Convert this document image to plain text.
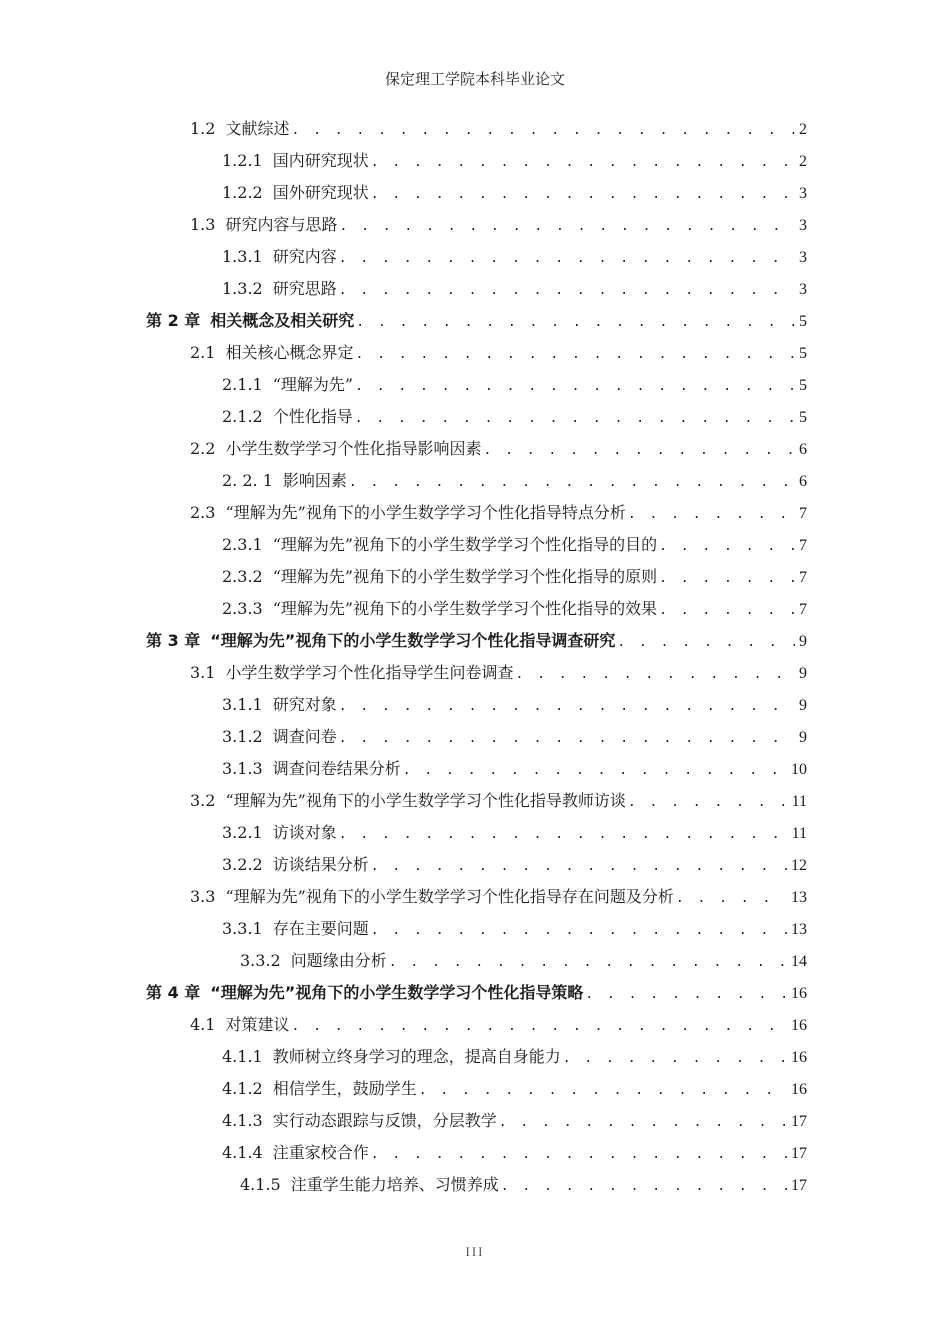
保定理工学院本科毕业论文
1.2 文献综述 . . .	2
1.2.1 国内研究现状 . . .	2
1.2.2 国外研究现状 . . .	3
1.3 研究内容与思路 . . .	3
1.3.1 研究内容 . . .	3
1.3.2 研究思路 . . .	3
第 2 章 相关概念及相关研究 . . .	5
2.1 相关核心概念界定 . . .	5
2.1.1 “理解为先” . . .	5
2.1.2 个性化指导 . . .	5
2.2 小学生数学学习个性化指导影响因素 . . .	6
2. 2. 1 影响因素 . . .	6
2.3 “理解为先”视角下的小学生数学学习个性化指导特点分析 . . .	7
2.3.1 “理解为先”视角下的小学生数学学习个性化指导的目的 . . .	7
2.3.2 “理解为先”视角下的小学生数学学习个性化指导的原则 . . .	7
2.3.3 “理解为先”视角下的小学生数学学习个性化指导的效果 . . .	7
第 3 章 “理解为先”视角下的小学生数学学习个性化指导调查研究 . . .	9
3.1 小学生数学学习个性化指导学生问卷调查 . . .	9
3.1.1 研究对象 . . .	9
3.1.2 调查问卷 . . .	9
3.1.3 调查问卷结果分析 . . .	10
3.2 “理解为先”视角下的小学生数学学习个性化指导教师访谈 . . .	11
3.2.1 访谈对象 . . .	11
3.2.2 访谈结果分析 . . .	12
3.3 “理解为先”视角下的小学生数学学习个性化指导存在问题及分析 . . .	13
3.3.1 存在主要问题 . . .	13
3.3.2 问题缘由分析 . . .	14
第 4 章 “理解为先”视角下的小学生数学学习个性化指导策略 . . .	16
4.1 对策建议 . . .	16
4.1.1 教师树立终身学习的理念，提高自身能力 . . .	16
4.1.2 相信学生，鼓励学生 . . .	16
4.1.3 实行动态跟踪与反馈，分层教学 . . .	17
4.1.4 注重家校合作 . . .	17
4.1.5 注重学生能力培养、习惯养成 . . .	17
III
